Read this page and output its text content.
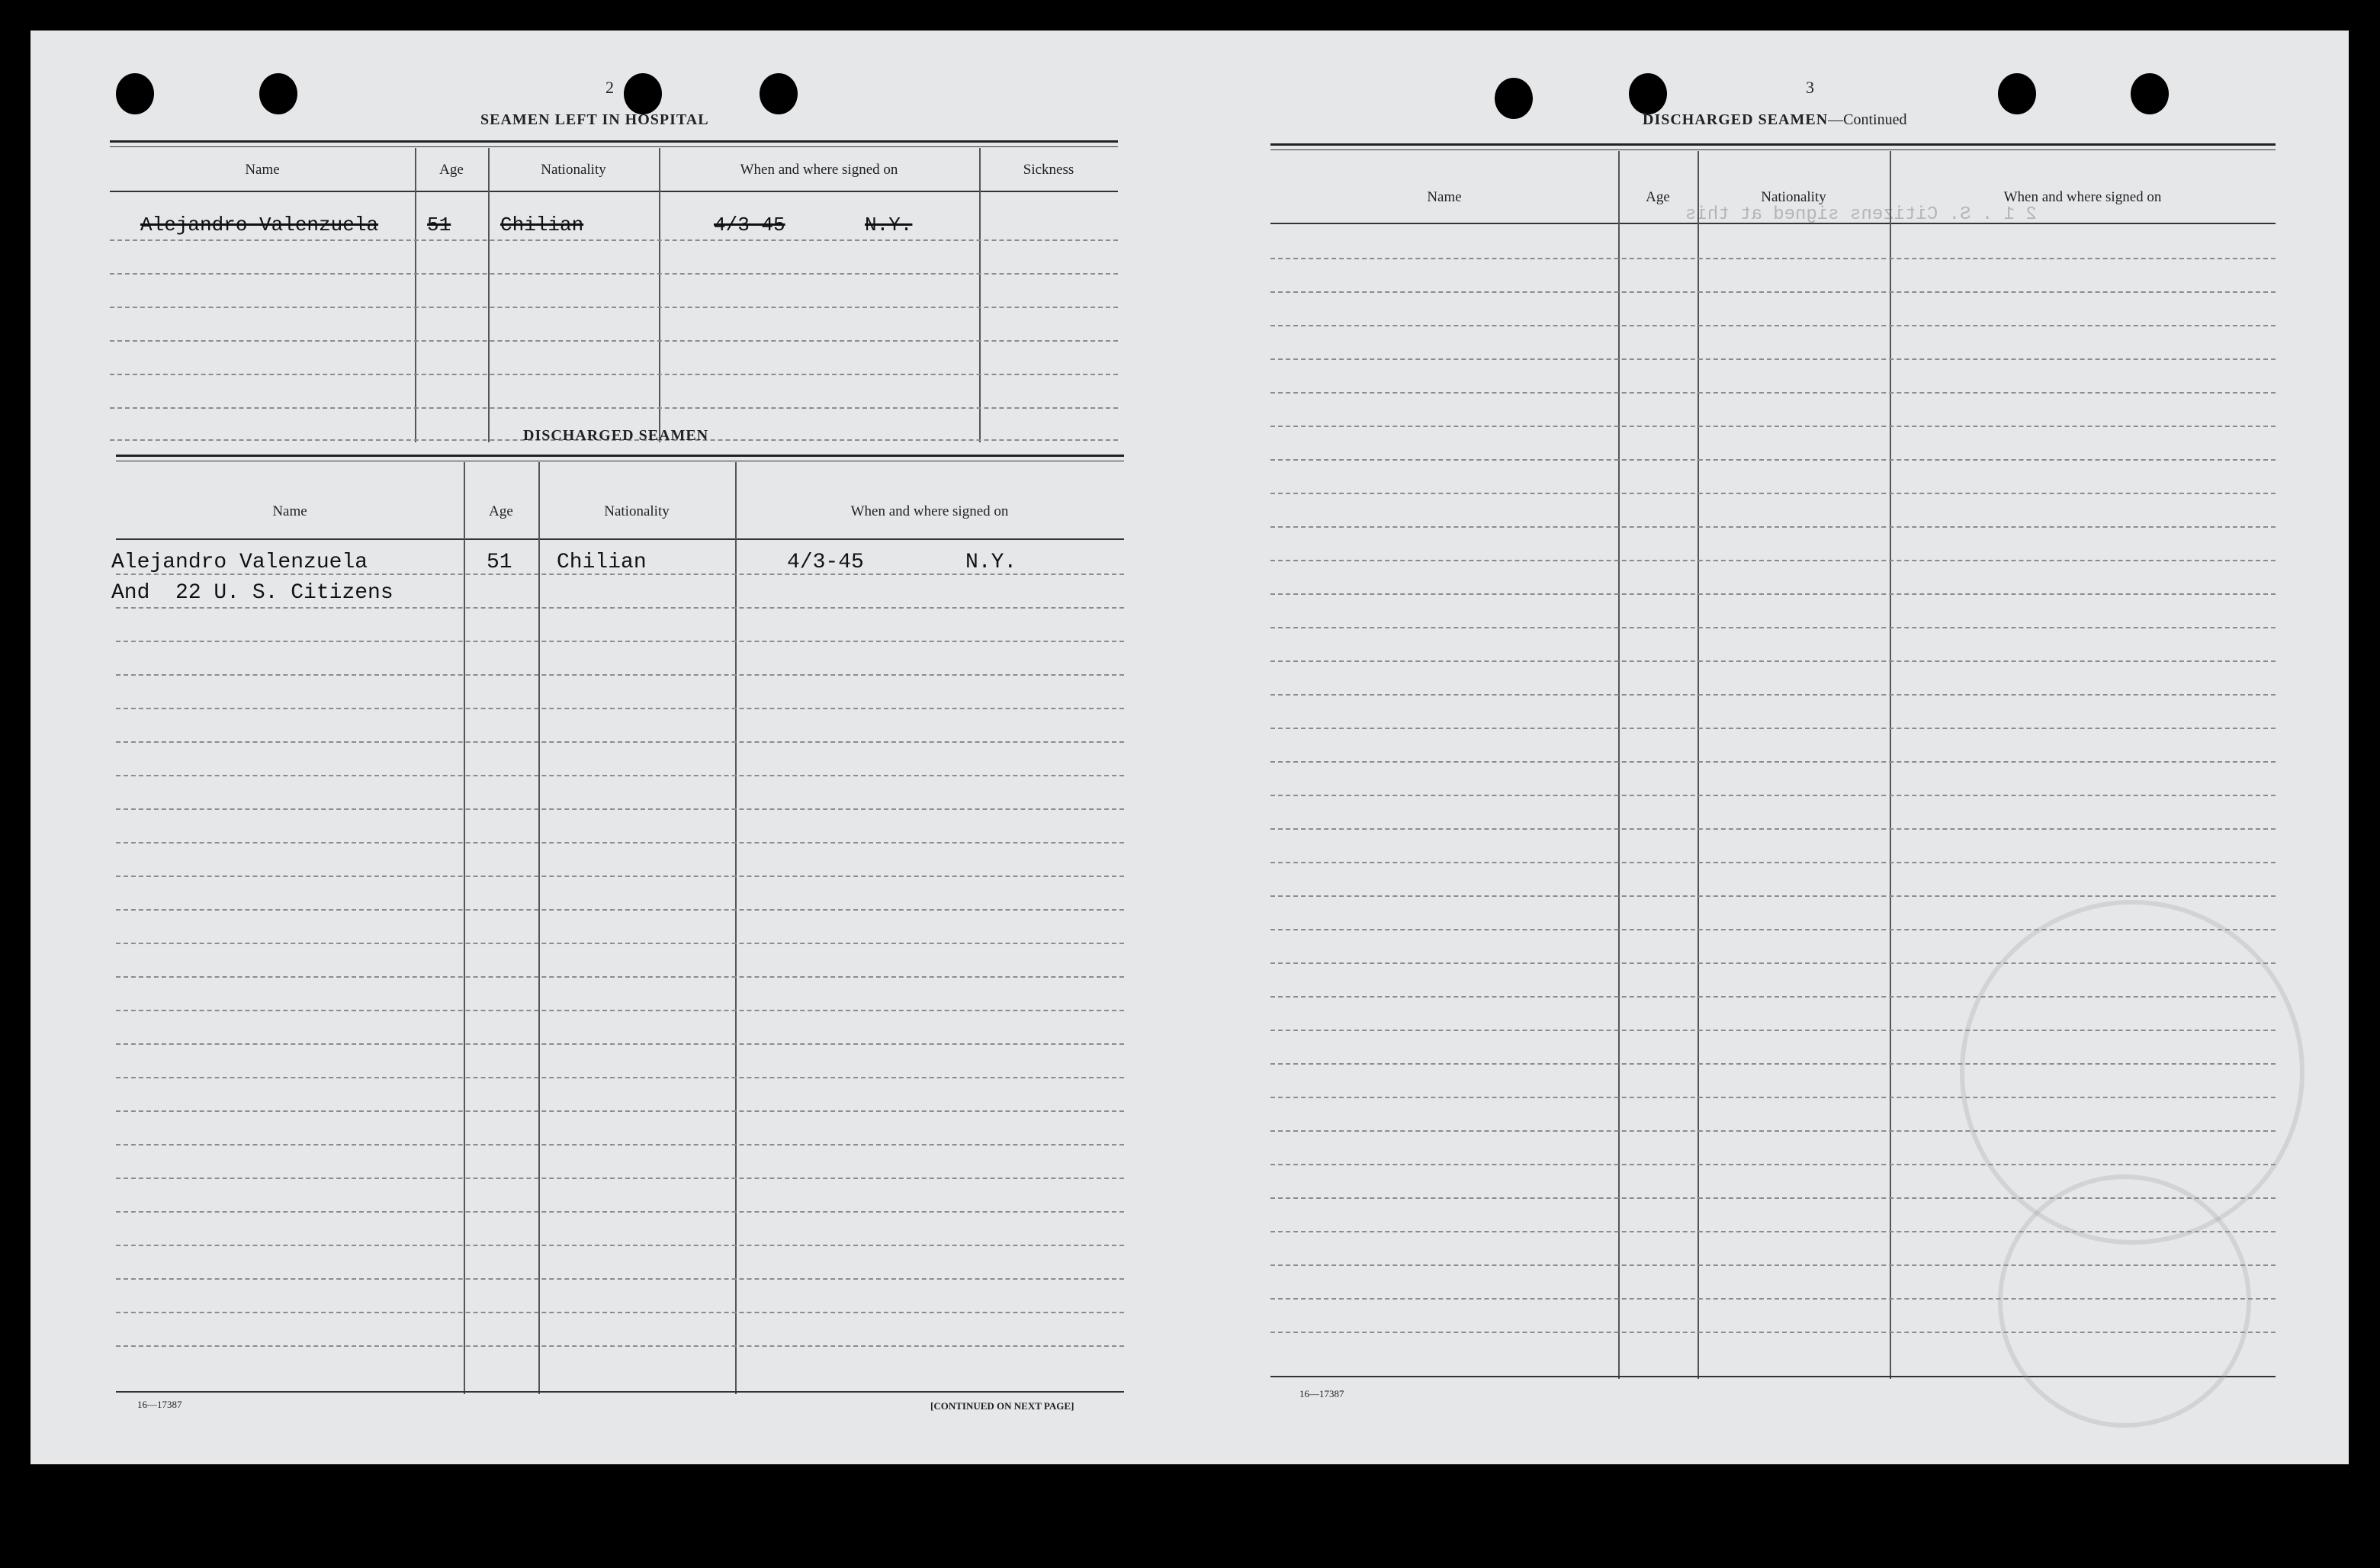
2
SEAMEN LEFT IN HOSPITAL
Name	Age	Nationality	When and where signed on	Sickness
Alejandro Valenzuela 51 Chilian	4/3-45	N.Y.
DISCHARGED SEAMEN
Name	Age	Nationality	When and where signed on
Alejandro Valenzuela	51 Chilian	4/3-45	N.Y.
And  22 U. S. Citizens
16—17387	[CONTINUED ON NEXT PAGE]
3
DISCHARGED SEAMEN—Continued
2 1 . S. Citizens signed at this
Name	Age	Nationality	When and where signed on
16—17387
